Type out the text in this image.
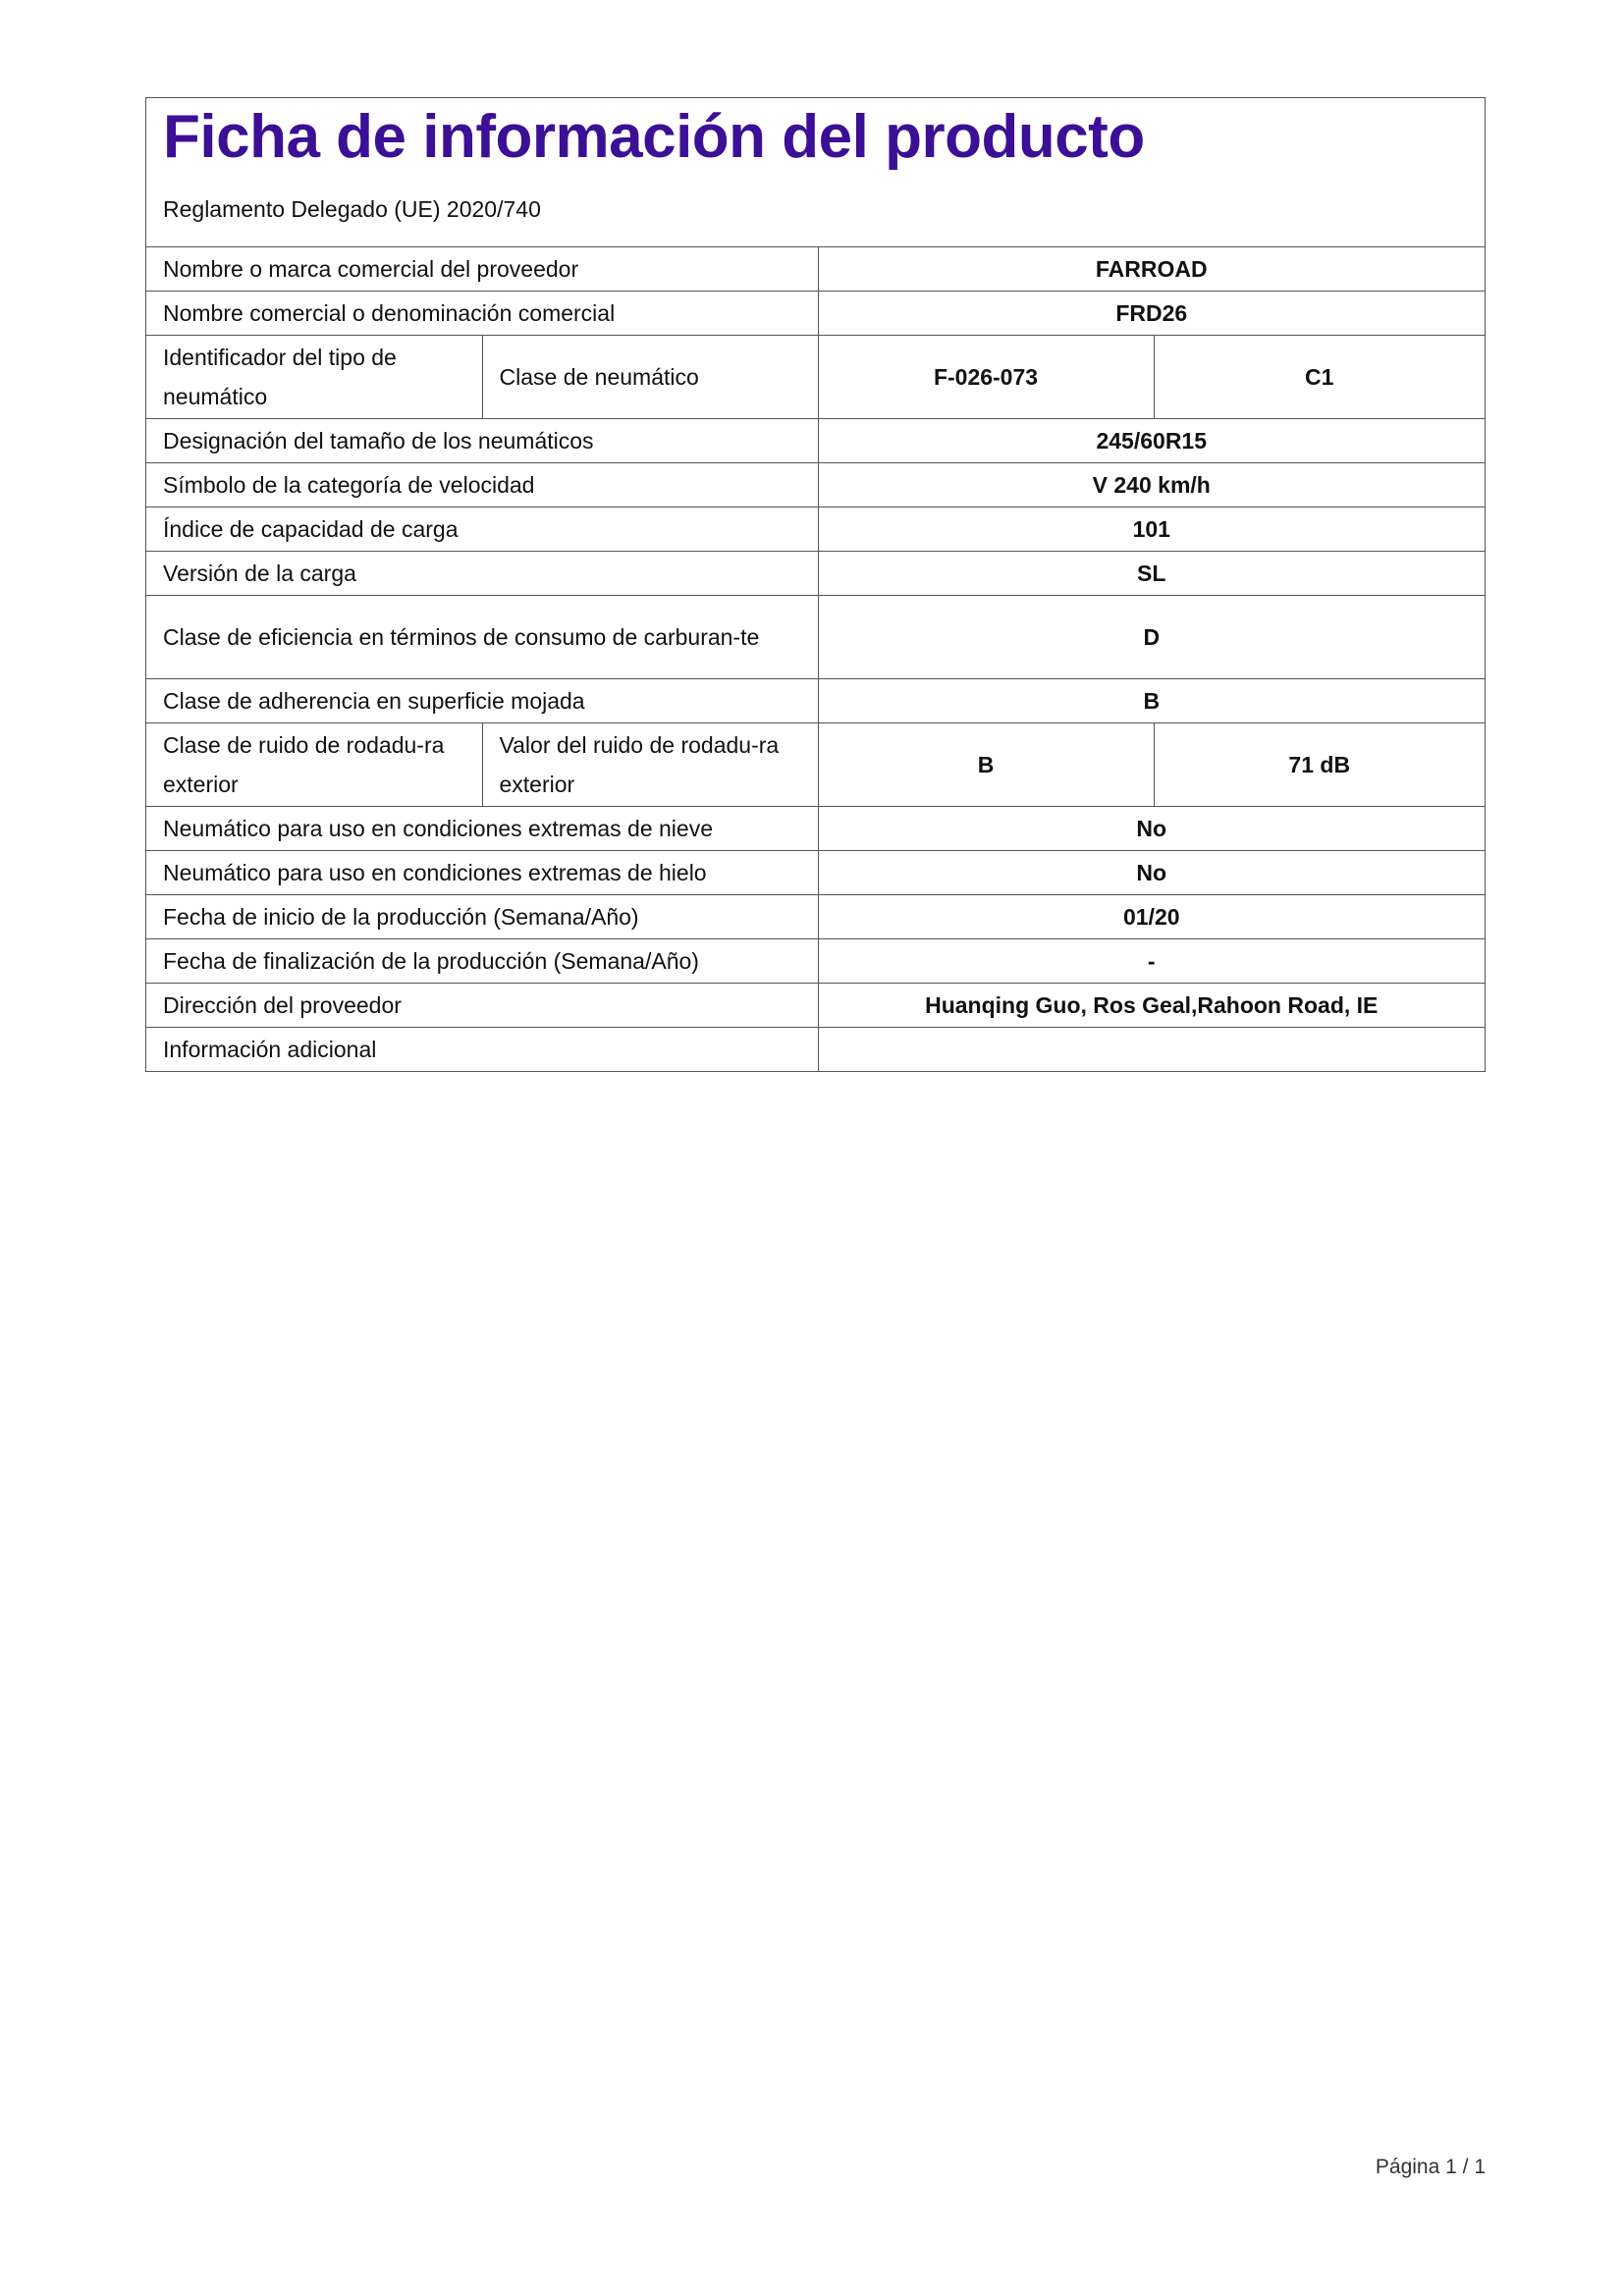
Ficha de información del producto
Reglamento Delegado (UE) 2020/740
Nombre o marca comercial del proveedor		FARROAD	
Nombre comercial o denominación comercial		FRD26	
Identificador del tipo de neumático	Clase de neumático	F-026-073	C1
Designación del tamaño de los neumáticos		245/60R15	
Símbolo de la categoría de velocidad		V 240 km/h	
Índice de capacidad de carga		101	
Versión de la carga		SL	
Clase de eficiencia en términos de consumo de carburan-te		D	
Clase de adherencia en superficie mojada		B	
Clase de ruido de rodadu-ra exterior	Valor del ruido de rodadu-ra exterior	B	71 dB
Neumático para uso en condiciones extremas de nieve		No	
Neumático para uso en condiciones extremas de hielo		No	
Fecha de inicio de la producción (Semana/Año)		01/20	
Fecha de finalización de la producción (Semana/Año)		-	
Dirección del proveedor		Huanqing Guo, Ros Geal,Rahoon Road, IE	
Información adicional			
Página 1 / 1
